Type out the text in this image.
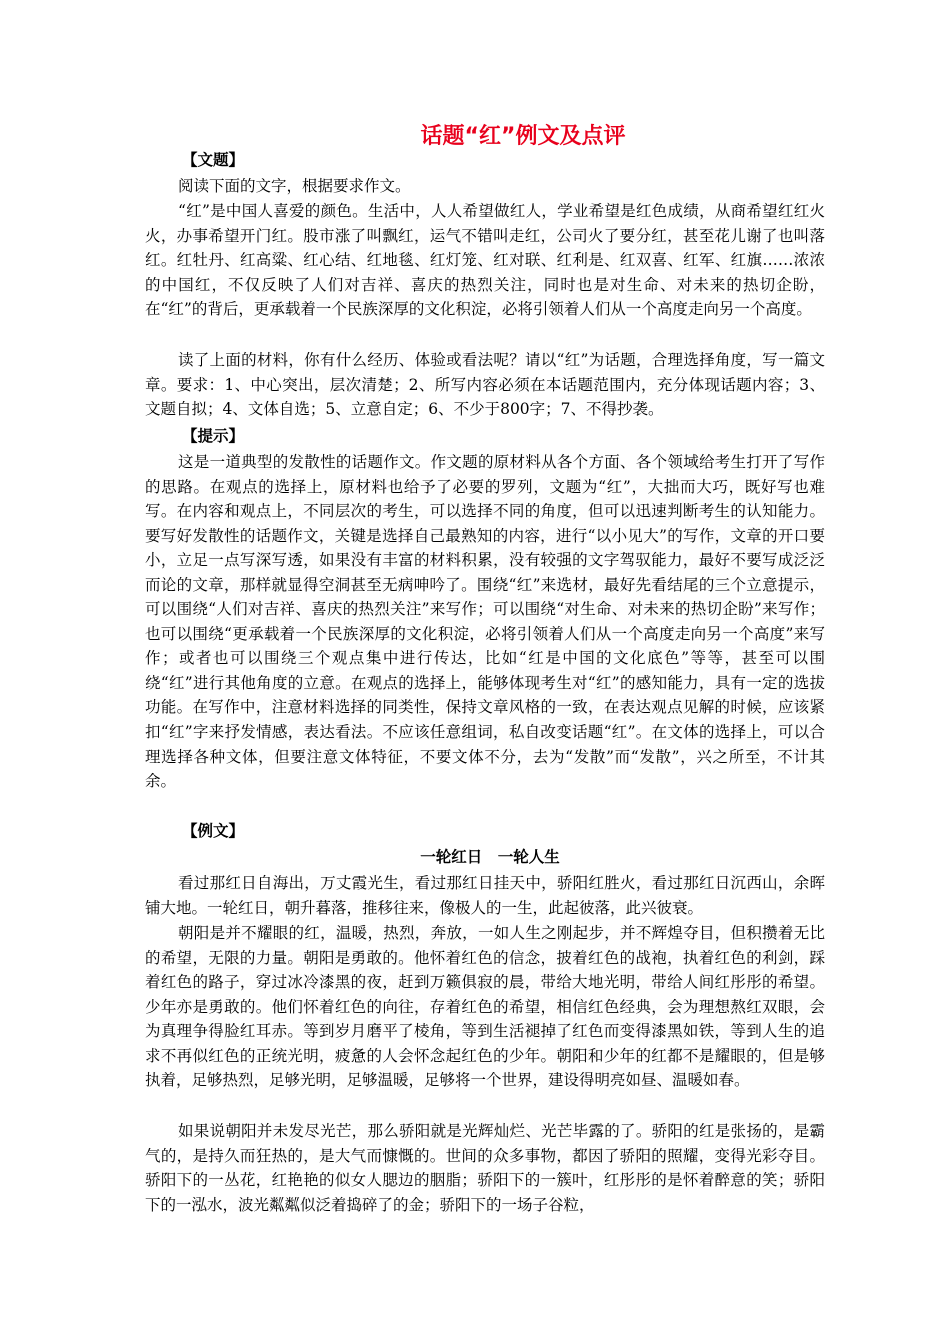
话题“红”例文及点评
【文题】

阅读下面的文字，根据要求作文。

“红”是中国人喜爱的颜色。生活中，人人希望做红人，学业希望是红色成绩，从商希望红红火火，办事希望开门红。股市涨了叫飘红，运气不错叫走红，公司火了要分红，甚至花儿谢了也叫落红。红牡丹、红高粱、红心结、红地毯、红灯笼、红对联、红利是、红双喜、红军、红旗……浓浓的中国红，不仅反映了人们对吉祥、喜庆的热烈关注，同时也是对生命、对未来的热切企盼，在“红”的背后，更承载着一个民族深厚的文化积淀，必将引领着人们从一个高度走向另一个高度。

读了上面的材料，你有什么经历、体验或看法呢？请以“红”为话题，合理选择角度，写一篇文章。要求：1、中心突出，层次清楚；2、所写内容必须在本话题范围内，充分体现话题内容；3、文题自拟；4、文体自选；5、立意自定；6、不少于800字；7、不得抄袭。

【提示】

这是一道典型的发散性的话题作文。作文题的原材料从各个方面、各个领域给考生打开了写作的思路。在观点的选择上，原材料也给予了必要的罗列，文题为“红”，大拙而大巧，既好写也难写。在内容和观点上，不同层次的考生，可以选择不同的角度，但可以迅速判断考生的认知能力。要写好发散性的话题作文，关键是选择自己最熟知的内容，进行“以小见大”的写作，文章的开口要小，立足一点写深写透，如果没有丰富的材料积累，没有较强的文字驾驭能力，最好不要写成泛泛而论的文章，那样就显得空洞甚至无病呻吟了。围绕“红”来选材，最好先看结尾的三个立意提示，可以围绕“人们对吉祥、喜庆的热烈关注”来写作；可以围绕“对生命、对未来的热切企盼”来写作；也可以围绕“更承载着一个民族深厚的文化积淀，必将引领着人们从一个高度走向另一个高度”来写作；或者也可以围绕三个观点集中进行传达，比如“红是中国的文化底色”等等，甚至可以围绕“红”进行其他角度的立意。在观点的选择上，能够体现考生对“红”的感知能力，具有一定的选拔功能。在写作中，注意材料选择的同类性，保持文章风格的一致，在表达观点见解的时候，应该紧扣“红”字来抒发情感，表达看法。不应该任意组词，私自改变话题“红”。在文体的选择上，可以合理选择各种文体，但要注意文体特征，不要文体不分，去为“发散”而“发散”，兴之所至，不计其余。

【例文】
一轮红日　一轮人生

看过那红日自海出，万丈霞光生，看过那红日挂天中，骄阳红胜火，看过那红日沉西山，余晖铺大地。一轮红日，朝升暮落，推移往来，像极人的一生，此起彼落，此兴彼衰。

朝阳是并不耀眼的红，温暖，热烈，奔放，一如人生之刚起步，并不辉煌夺目，但积攒着无比的希望，无限的力量。朝阳是勇敢的。他怀着红色的信念，披着红色的战袍，执着红色的利剑，踩着红色的路子，穿过冰冷漆黑的夜，赶到万籁俱寂的晨，带给大地光明，带给人间红彤彤的希望。少年亦是勇敢的。他们怀着红色的向往，存着红色的希望，相信红色经典，会为理想熬红双眼，会为真理争得脸红耳赤。等到岁月磨平了棱角，等到生活褪掉了红色而变得漆黑如铁，等到人生的追求不再似红色的正统光明，疲惫的人会怀念起红色的少年。朝阳和少年的红都不是耀眼的，但是够执着，足够热烈，足够光明，足够温暖，足够将一个世界，建设得明亮如昼、温暖如春。

如果说朝阳并未发尽光芒，那么骄阳就是光辉灿烂、光芒毕露的了。骄阳的红是张扬的，是霸气的，是持久而狂热的，是大气而慷慨的。世间的众多事物，都因了骄阳的照耀，变得光彩夺目。骄阳下的一丛花，红艳艳的似女人腮边的胭脂；骄阳下的一簇叶，红彤彤的是怀着醉意的笑；骄阳下的一泓水，波光粼粼似泛着捣碎了的金；骄阳下的一场子谷粒，
